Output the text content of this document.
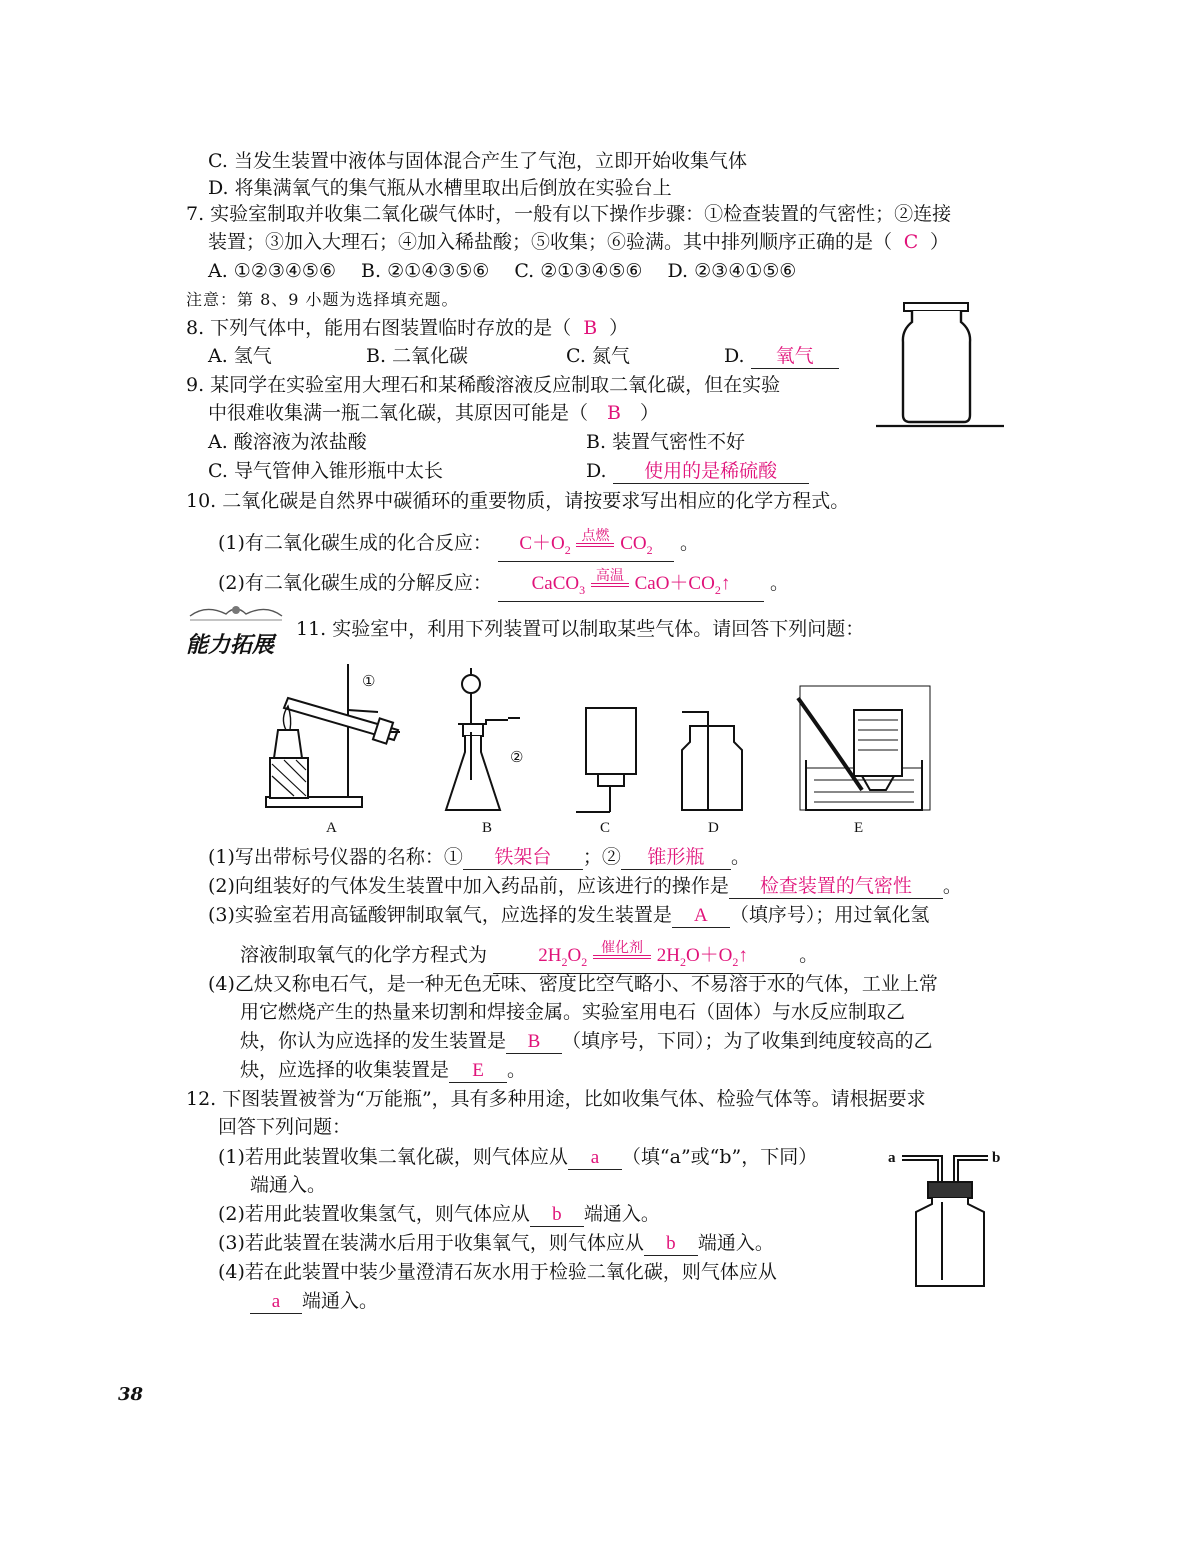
C. 当发生装置中液体与固体混合产生了气泡，立即开始收集气体
D. 将集满氧气的集气瓶从水槽里取出后倒放在实验台上
7. 实验室制取并收集二氧化碳气体时，一般有以下操作步骤：①检查装置的气密性；②连接
装置；③加入大理石；④加入稀盐酸；⑤收集；⑥验满。其中排列顺序正确的是（ C ）
A. ①②③④⑤⑥　 B. ②①④③⑤⑥　 C. ②①③④⑤⑥　 D. ②③④①⑤⑥
注意：第 8、9 小题为选择填充题。
8. 下列气体中，能用右图装置临时存放的是（ B ）
A. 氢气	B. 二氧化碳	C. 氮气	D. 氧气
9. 某同学在实验室用大理石和某稀酸溶液反应制取二氧化碳，但在实验
中很难收集满一瓶二氧化碳，其原因可能是（ B ）
A. 酸溶液为浓盐酸	B. 装置气密性不好
C. 导气管伸入锥形瓶中太长	D. 使用的是稀硫酸
10. 二氧化碳是自然界中碳循环的重要物质，请按要求写出相应的化学方程式。
(1)有二氧化碳生成的化合反应： $C+O_2$
点燃 $CO_2$ 。
(2)有二氧化碳生成的分解反应： CaCO$_3$
高温 $CaO+CO_2↑$ 。
能力拓展
11. 实验室中，利用下列装置可以制取某些气体。请回答下列问题：
①
②
A	B	C	D	E
(1)写出带标号仪器的名称：① 铁架台 ；② 锥形瓶 。
(2)向组装好的气体发生装置中加入药品前，应该进行的操作是 检查装置的气密性 。
(3)实验室若用高锰酸钾制取氧气，应选择的发生装置是 A （填序号）；用过氧化氢
溶液制取氧气的化学方程式为	$2H_2O_2$
催化剂 $2H_2O+O_2↑$	。
(4)乙炔又称电石气，是一种无色无味、密度比空气略小、不易溶于水的气体，工业上常
用它燃烧产生的热量来切割和焊接金属。实验室用电石（固体）与水反应制取乙
炔，你认为应选择的发生装置是 B （填序号，下同）；为了收集到纯度较高的乙
炔，应选择的收集装置是 E 。
12. 下图装置被誉为“万能瓶”，具有多种用途，比如收集气体、检验气体等。请根据要求
回答下列问题：
(1)若用此装置收集二氧化碳，则气体应从 a （填“a”或“b”，下同）
端通入。
(2)若用此装置收集氢气，则气体应从 b 端通入。
(3)若此装置在装满水后用于收集氧气，则气体应从 b 端通入。
(4)若在此装置中装少量澄清石灰水用于检验二氧化碳，则气体应从
a 端通入。
a	b
38
